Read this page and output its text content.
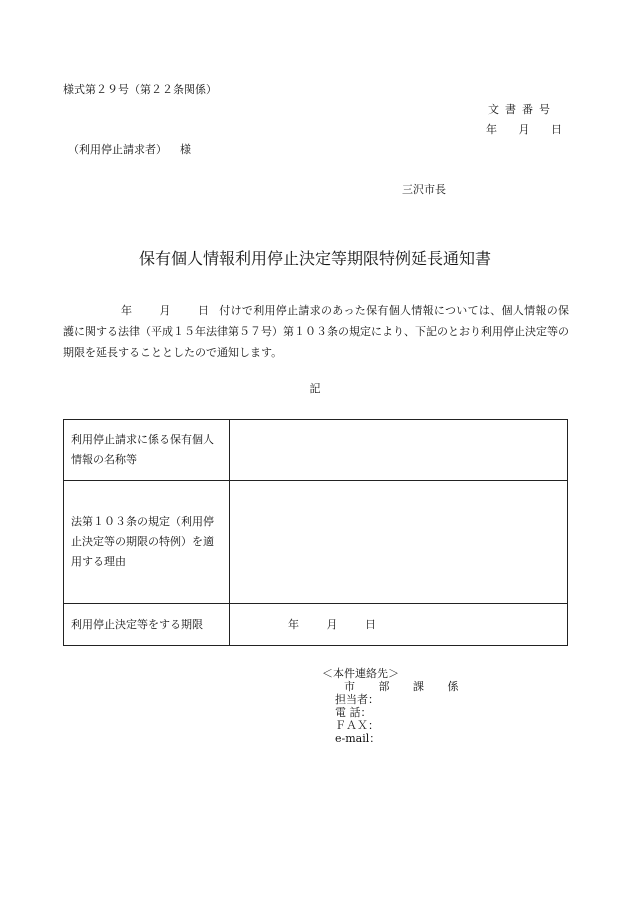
様式第２９号（第２２条関係）
文書番号
年 月 日
（利用停止請求者） 様
三沢市長
保有個人情報利用停止決定等期限特例延長通知書
年 月 日 付けで利用停止請求のあった保有個人情報については、個人情報の保護に関する法律（平成１５年法律第５７号）第１０３条の規定により、下記のとおり利用停止決定等の期限を延長することとしたので通知します。
記
利用停止請求に係る保有個人
情報の名称等	
法第１０３条の規定（利用停
止決定等の期限の特例）を適
用する理由	
利用停止決定等をする期限	年 月 日
＜本件連絡先＞
市 部 課 係
担当者：
電 話：
ＦＡＸ：
e-mail：
